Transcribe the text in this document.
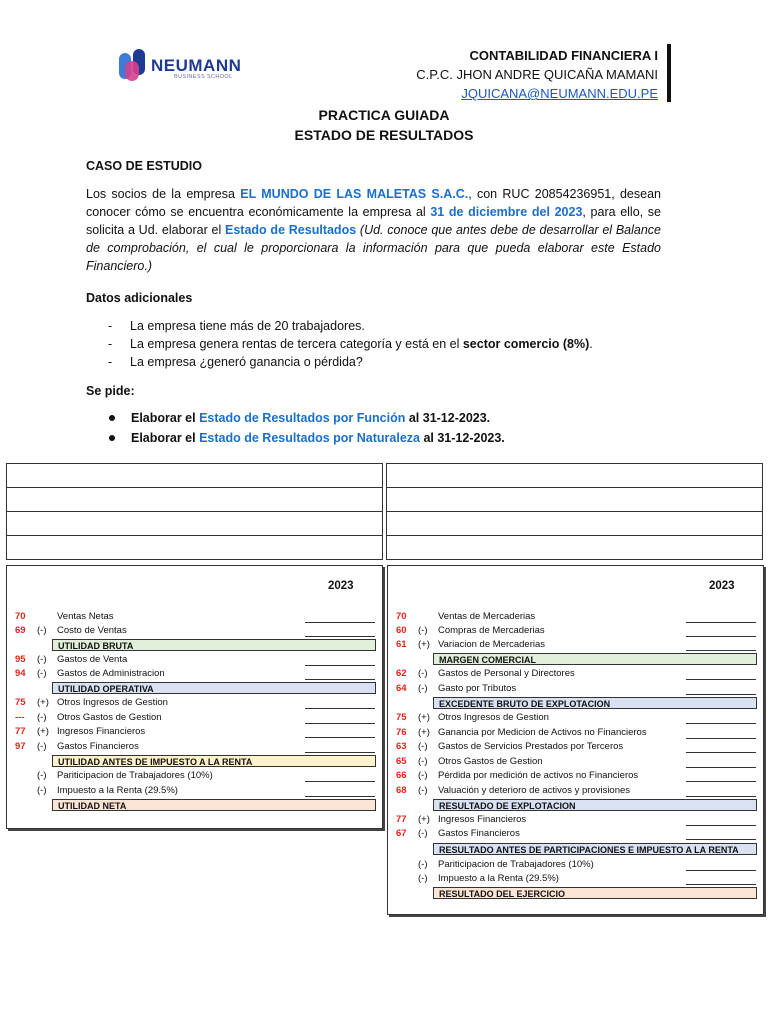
NEUMANN
BUSINESS SCHOOL
CONTABILIDAD FINANCIERA I
C.P.C. JHON ANDRE QUICAÑA MAMANI
JQUICANA@NEUMANN.EDU.PE
PRACTICA GUIADA
ESTADO DE RESULTADOS
CASO DE ESTUDIO
Los socios de la empresa EL MUNDO DE LAS MALETAS S.A.C., con RUC 20854236951, desean conocer cómo se encuentra económicamente la empresa al 31 de diciembre del 2023, para ello, se solicita a Ud. elaborar el Estado de Resultados (Ud. conoce que antes debe de desarrollar el Balance de comprobación, el cual le proporcionara la información para que pueda elaborar este Estado Financiero.)
Datos adicionales
- La empresa tiene más de 20 trabajadores.
- La empresa genera rentas de tercera categoría y está en el sector comercio (8%).
- La empresa ¿generó ganancia o pérdida?
Se pide:
Elaborar el Estado de Resultados por Función al 31-12-2023.
Elaborar el Estado de Resultados por Naturaleza al 31-12-2023.
2023
70	Ventas Netas
69	(-)	Costo de Ventas
UTILIDAD BRUTA
95	(-)	Gastos de Venta
94	(-)	Gastos de Administracion
UTILIDAD OPERATIVA
75	(+) Otros Ingresos de Gestion
---	(-)	Otros Gastos de Gestion
77	(+) Ingresos Financieros
97	(-)	Gastos Financieros
UTILIDAD ANTES DE IMPUESTO A LA RENTA
(-)	Pariticipacion de Trabajadores (10%)
(-)	Impuesto a la Renta (29.5%)
UTILIDAD NETA
2023
70	Ventas de Mercaderias
60	(-)	Compras de Mercaderias
61	(+) Variacion de Mercaderias
MARGEN COMERCIAL
62	(-)	Gastos de Personal y Directores
64	(-)	Gasto por Tributos
EXCEDENTE BRUTO DE EXPLOTACION
75	(+) Otros Ingresos de Gestion
76	(+) Ganancia por Medicion de Activos no Financieros
63	(-)	Gastos de Servicios Prestados por Terceros
65	(-)	Otros Gastos de Gestion
66	(-)	Pérdida por medición de activos no Financieros
68	(-)	Valuación y deterioro de activos y provisiones
RESULTADO DE EXPLOTACION
77	(+) Ingresos Financieros
67	(-)	Gastos Financieros
RESULTADO ANTES DE PARTICIPACIONES E IMPUESTO A LA RENTA
(-)	Pariticipacion de Trabajadores (10%)
(-)	Impuesto a la Renta (29.5%)
RESULTADO DEL EJERCICIO
